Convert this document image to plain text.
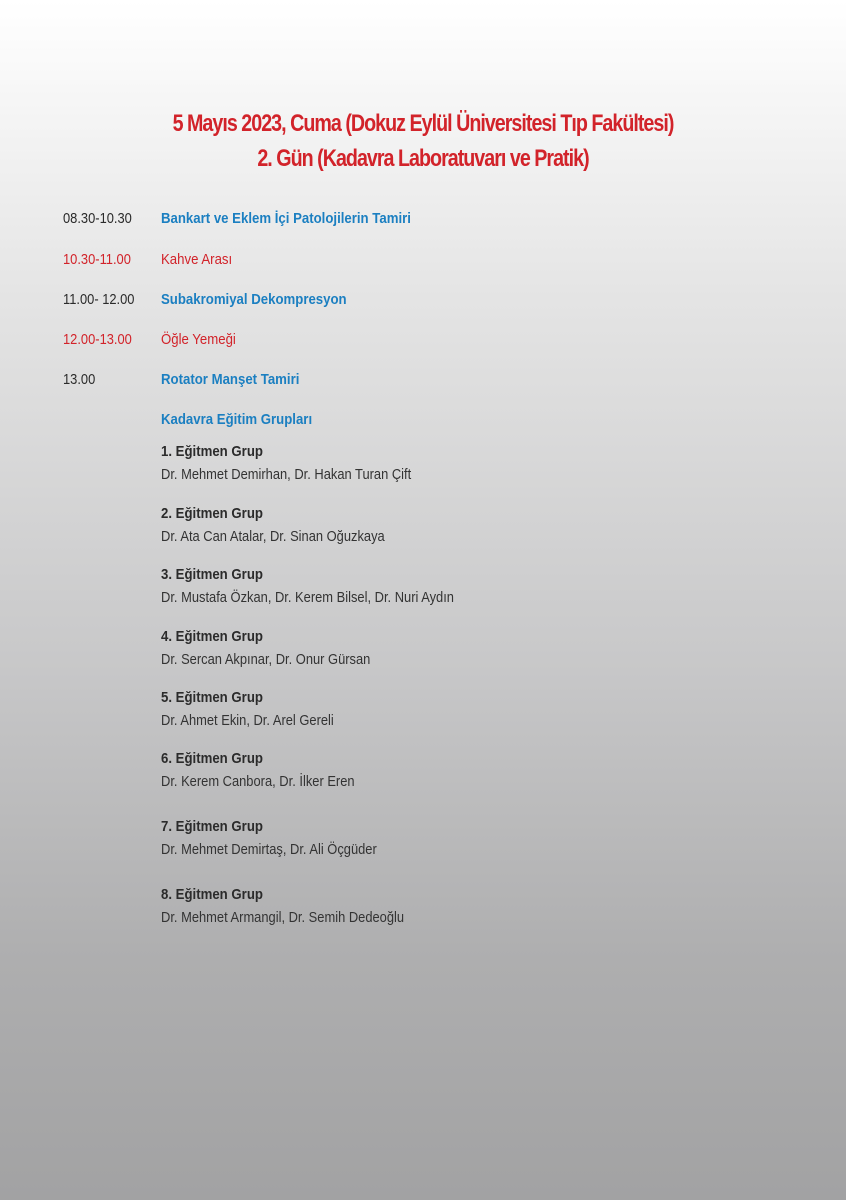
5 Mayıs 2023, Cuma (Dokuz Eylül Üniversitesi Tıp Fakültesi)
2. Gün (Kadavra Laboratuvarı ve Pratik)
08.30-10.30 Bankart ve Eklem İçi Patolojilerin Tamiri
10.30-11.00 Kahve Arası
11.00- 12.00 Subakromiyal Dekompresyon
12.00-13.00 Öğle Yemeği
13.00	Rotator Manşet Tamiri
Kadavra Eğitim Grupları
1. Eğitmen Grup
Dr. Mehmet Demirhan, Dr. Hakan Turan Çift
2. Eğitmen Grup
Dr. Ata Can Atalar, Dr. Sinan Oğuzkaya
3. Eğitmen Grup
Dr. Mustafa Özkan, Dr. Kerem Bilsel, Dr. Nuri Aydın
4. Eğitmen Grup
Dr. Sercan Akpınar, Dr. Onur Gürsan
5. Eğitmen Grup
Dr. Ahmet Ekin, Dr. Arel Gereli
6. Eğitmen Grup
Dr. Kerem Canbora, Dr. İlker Eren
7. Eğitmen Grup
Dr. Mehmet Demirtaş, Dr. Ali Öçgüder
8. Eğitmen Grup
Dr. Mehmet Armangil, Dr. Semih Dedeoğlu
